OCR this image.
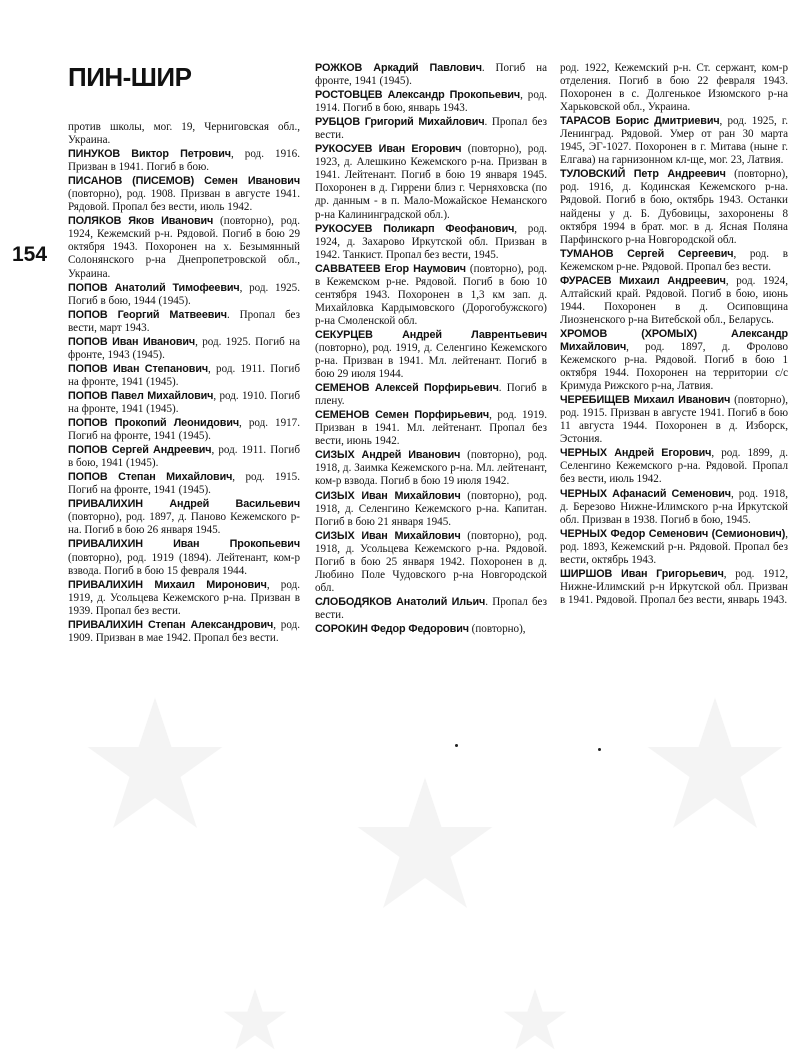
ПИН-ШИР
154

против школы, мог. 19, Черниговская обл., Украина.

ПИНУКОВ Виктор Петрович, род. 1916. Призван в 1941. Погиб в бою.

ПИСАНОВ (ПИСЕМОВ) Семен Иванович (повторно), род. 1908. Призван в августе 1941. Рядовой. Пропал без вести, июль 1942.

ПОЛЯКОВ Яков Иванович (повторно), род. 1924, Кежемский р-н. Рядовой. Погиб в бою 29 октября 1943. Похоронен на х. Безымянный Солонянского р-на Днепропетровской обл., Украина.

ПОПОВ Анатолий Тимофеевич, род. 1925. Погиб в бою, 1944 (1945).

ПОПОВ Георгий Матвеевич. Пропал без вести, март 1943.

ПОПОВ Иван Иванович, род. 1925. Погиб на фронте, 1943 (1945).

ПОПОВ Иван Степанович, род. 1911. Погиб на фронте, 1941 (1945).

ПОПОВ Павел Михайлович, род. 1910. Погиб на фронте, 1941 (1945).

ПОПОВ Прокопий Леонидович, род. 1917. Погиб на фронте, 1941 (1945).

ПОПОВ Сергей Андреевич, род. 1911. Погиб в бою, 1941 (1945).

ПОПОВ Степан Михайлович, род. 1915. Погиб на фронте, 1941 (1945).

ПРИВАЛИХИН Андрей Васильевич (повторно), род. 1897, д. Паново Кежемского р-на. Погиб в бою 26 января 1945.

ПРИВАЛИХИН Иван Прокопьевич (повторно), род. 1919 (1894). Лейтенант, ком-р взвода. Погиб в бою 15 февраля 1944.

ПРИВАЛИХИН Михаил Миронович, род. 1919, д. Усольцева Кежемского р-на. Призван в 1939. Пропал без вести.

ПРИВАЛИХИН Степан Александрович, род. 1909. Призван в мае 1942. Пропал без вести.

РОЖКОВ Аркадий Павлович. Погиб на фронте, 1941 (1945).

РОСТОВЦЕВ Александр Прокопьевич, род. 1914. Погиб в бою, январь 1943.

РУБЦОВ Григорий Михайлович. Пропал без вести.

РУКОСУЕВ Иван Егорович (повторно), род. 1923, д. Алешкино Кежемского р-на. Призван в 1941. Лейтенант. Погиб в бою 19 января 1945. Похоронен в д. Гиррени близ г. Черняховска (по др. данным - в п. Мало-Можайское Неманского р-на Калининградской обл.).

РУКОСУЕВ Поликарп Феофанович, род. 1924, д. Захарово Иркутской обл. Призван в 1942. Танкист. Пропал без вести, 1945.

САВВАТЕЕВ Егор Наумович (повторно), род. в Кежемском р-не. Рядовой. Погиб в бою 10 сентября 1943. Похоронен в 1,3 км зап. д. Михайловка Кардымовского (Дорогобужского) р-на Смоленской обл.

СЕКУРЦЕВ Андрей Лаврентьевич (повторно), род. 1919, д. Селенгино Кежемского р-на. Призван в 1941. Мл. лейтенант. Погиб в бою 29 июля 1944.

СЕМЕНОВ Алексей Порфирьевич. Погиб в плену.

СЕМЕНОВ Семен Порфирьевич, род. 1919. Призван в 1941. Мл. лейтенант. Пропал без вести, июнь 1942.

СИЗЫХ Андрей Иванович (повторно), род. 1918, д. Заимка Кежемского р-на. Мл. лейтенант, ком-р взвода. Погиб в бою 19 июля 1942.

СИЗЫХ Иван Михайлович (повторно), род. 1918, д. Селенгино Кежемского р-на. Капитан. Погиб в бою 21 января 1945.

СИЗЫХ Иван Михайлович (повторно), род. 1918, д. Усольцева Кежемского р-на. Рядовой. Погиб в бою 25 января 1942. Похоронен в д. Любино Поле Чудовского р-на Новгородской обл.

СЛОБОДЯКОВ Анатолий Ильич. Пропал без вести.

СОРОКИН Федор Федорович (повторно),

род. 1922, Кежемский р-н. Ст. сержант, ком-р отделения. Погиб в бою 22 февраля 1943. Похоронен в с. Долгенькое Изюмского р-на Харьковской обл., Украина.

ТАРАСОВ Борис Дмитриевич, род. 1925, г. Ленинград. Рядовой. Умер от ран 30 марта 1945, ЭГ-1027. Похоронен в г. Митава (ныне г. Елгава) на гарнизонном кл-ще, мог. 23, Латвия.

ТУЛОВСКИЙ Петр Андреевич (повторно), род. 1916, д. Кодинская Кежемского р-на. Рядовой. Погиб в бою, октябрь 1943. Останки найдены у д. Б. Дубовицы, захоронены 8 октября 1994 в брат. мог. в д. Ясная Поляна Парфинского р-на Новгородской обл.

ТУМАНОВ Сергей Сергеевич, род. в Кежемском р-не. Рядовой. Пропал без вести.

ФУРАСЕВ Михаил Андреевич, род. 1924, Алтайский край. Рядовой. Погиб в бою, июнь 1944. Похоронен в д. Осиповщина Лиозненского р-на Витебской обл., Беларусь.

ХРОМОВ (ХРОМЫХ) Александр Михайлович, род. 1897, д. Фролово Кежемского р-на. Рядовой. Погиб в бою 1 октября 1944. Похоронен на территории с/с Кримуда Рижского р-на, Латвия.

ЧЕРЕБИЩЕВ Михаил Иванович (повторно), род. 1915. Призван в августе 1941. Погиб в бою 11 августа 1944. Похоронен в д. Изборск, Эстония.

ЧЕРНЫХ Андрей Егорович, род. 1899, д. Селенгино Кежемского р-на. Рядовой. Пропал без вести, июль 1942.

ЧЕРНЫХ Афанасий Семенович, род. 1918, д. Березово Нижне-Илимского р-на Иркутской обл. Призван в 1938. Погиб в бою, 1945.

ЧЕРНЫХ Федор Семенович (Семионович), род. 1893, Кежемский р-н. Рядовой. Пропал без вести, октябрь 1943.

ШИРШОВ Иван Григорьевич, род. 1912, Нижне-Илимский р-н Иркутской обл. Призван в 1941. Рядовой. Пропал без вести, январь 1943.
